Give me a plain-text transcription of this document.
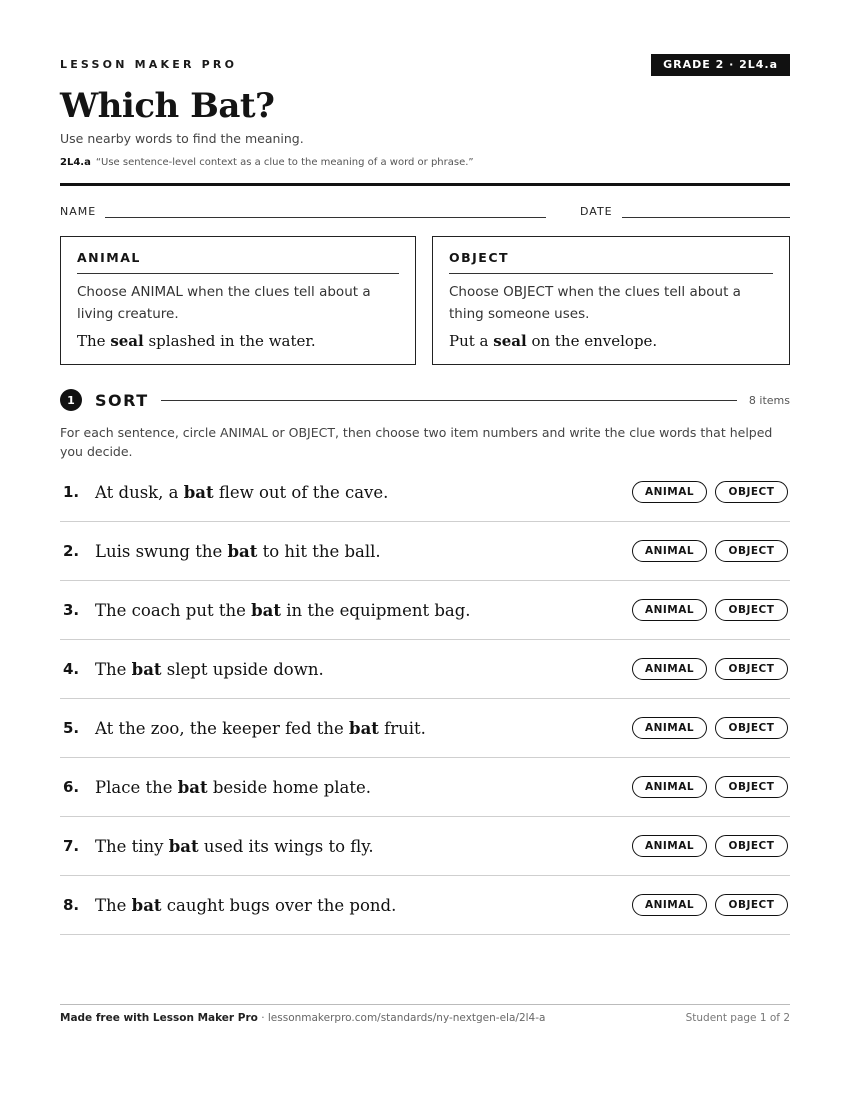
LESSON MAKER PRO	GRADE 2 · 2L4.a
Which Bat?
Use nearby words to find the meaning.
2L4.a “Use sentence-level context as a clue to the meaning of a word or phrase.”
NAME	DATE
ANIMAL
Choose ANIMAL when the clues tell about a living creature.
The seal splashed in the water.
OBJECT
Choose OBJECT when the clues tell about a thing someone uses.
Put a seal on the envelope.
1	SORT	8 items
For each sentence, circle ANIMAL or OBJECT, then choose two item numbers and write the clue words that helped you decide.
1. At dusk, a bat flew out of the cave.	ANIMAL	OBJECT
2. Luis swung the bat to hit the ball.	ANIMAL	OBJECT
3. The coach put the bat in the equipment bag.	ANIMAL	OBJECT
4. The bat slept upside down.	ANIMAL	OBJECT
5. At the zoo, the keeper fed the bat fruit.	ANIMAL	OBJECT
6. Place the bat beside home plate.	ANIMAL	OBJECT
7. The tiny bat used its wings to fly.	ANIMAL	OBJECT
8. The bat caught bugs over the pond.	ANIMAL	OBJECT
Made free with Lesson Maker Pro · lessonmakerpro.com/standards/ny-nextgen-ela/2l4-a	Student page 1 of 2
